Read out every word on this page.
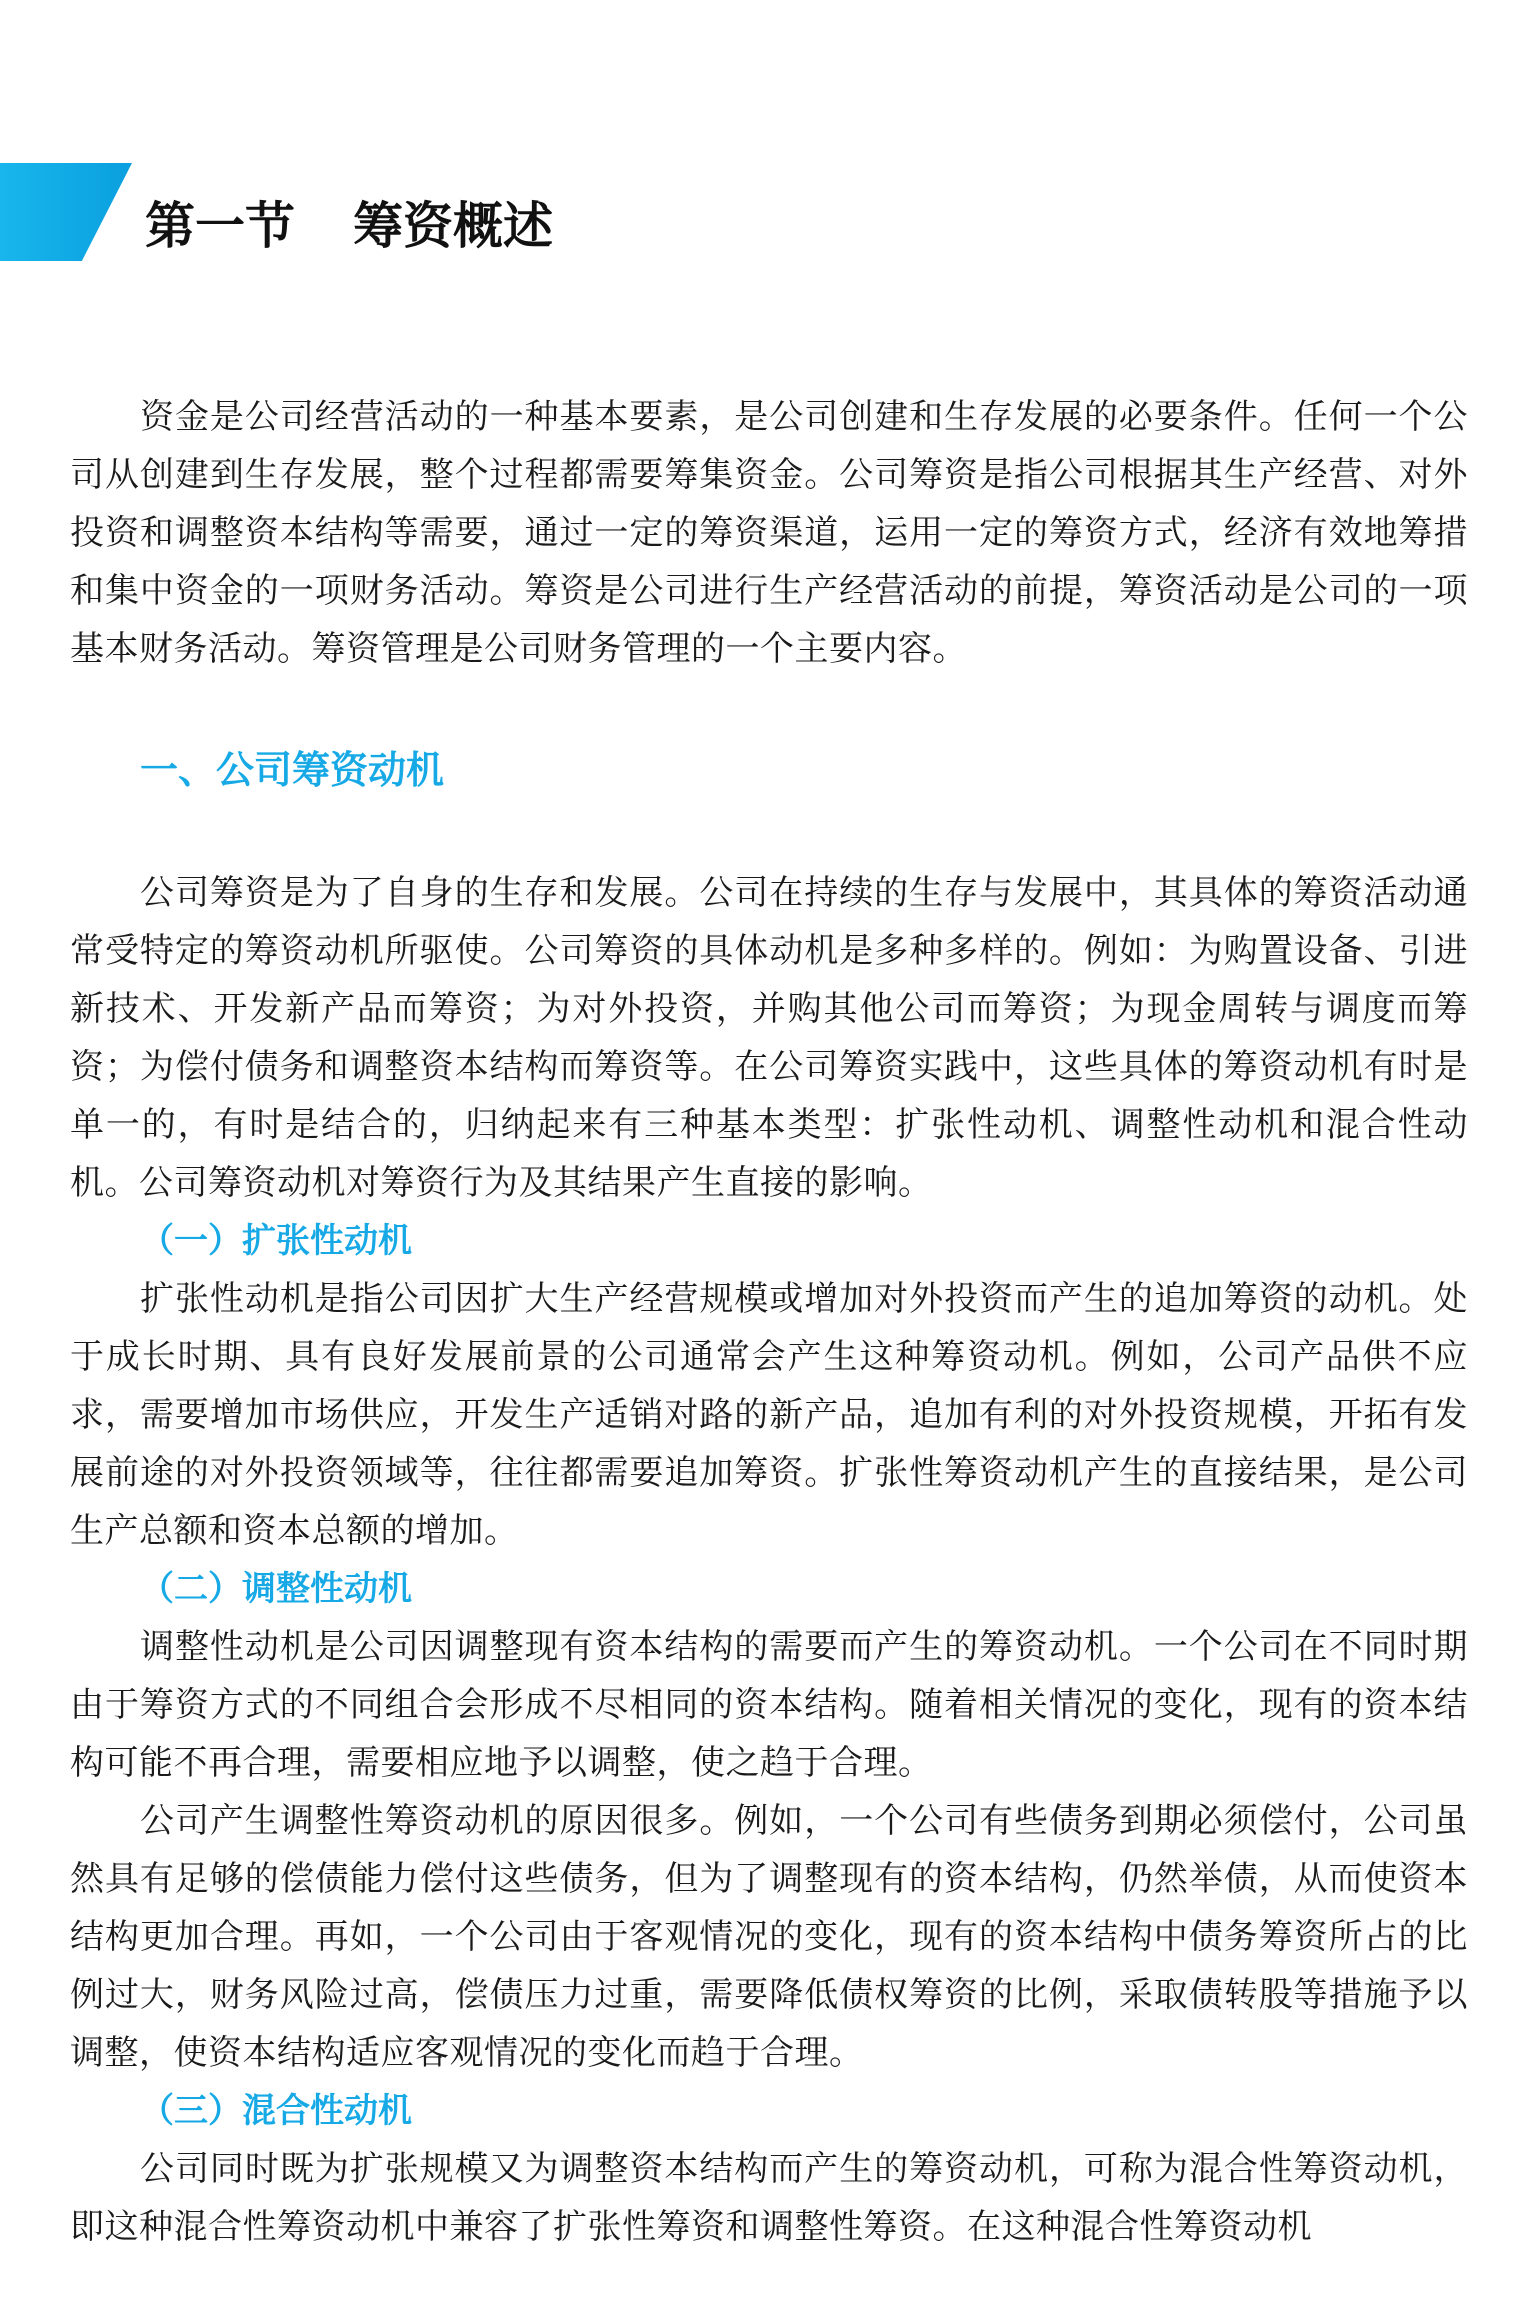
第一节 筹资概述

资金是公司经营活动的一种基本要素，是公司创建和生存发展的必要条件。任何一个公司从创建到生存发展，整个过程都需要筹集资金。公司筹资是指公司根据其生产经营、对外投资和调整资本结构等需要，通过一定的筹资渠道，运用一定的筹资方式，经济有效地筹措和集中资金的一项财务活动。筹资是公司进行生产经营活动的前提，筹资活动是公司的一项基本财务活动。筹资管理是公司财务管理的一个主要内容。

一、公司筹资动机

公司筹资是为了自身的生存和发展。公司在持续的生存与发展中，其具体的筹资活动通常受特定的筹资动机所驱使。公司筹资的具体动机是多种多样的。例如：为购置设备、引进新技术、开发新产品而筹资；为对外投资，并购其他公司而筹资；为现金周转与调度而筹资；为偿付债务和调整资本结构而筹资等。在公司筹资实践中，这些具体的筹资动机有时是单一的，有时是结合的，归纳起来有三种基本类型：扩张性动机、调整性动机和混合性动机。公司筹资动机对筹资行为及其结果产生直接的影响。

（一）扩张性动机

扩张性动机是指公司因扩大生产经营规模或增加对外投资而产生的追加筹资的动机。处于成长时期、具有良好发展前景的公司通常会产生这种筹资动机。例如，公司产品供不应求，需要增加市场供应，开发生产适销对路的新产品，追加有利的对外投资规模，开拓有发展前途的对外投资领域等，往往都需要追加筹资。扩张性筹资动机产生的直接结果，是公司生产总额和资本总额的增加。

（二）调整性动机

调整性动机是公司因调整现有资本结构的需要而产生的筹资动机。一个公司在不同时期由于筹资方式的不同组合会形成不尽相同的资本结构。随着相关情况的变化，现有的资本结构可能不再合理，需要相应地予以调整，使之趋于合理。

公司产生调整性筹资动机的原因很多。例如，一个公司有些债务到期必须偿付，公司虽然具有足够的偿债能力偿付这些债务，但为了调整现有的资本结构，仍然举债，从而使资本结构更加合理。再如，一个公司由于客观情况的变化，现有的资本结构中债务筹资所占的比例过大，财务风险过高，偿债压力过重，需要降低债权筹资的比例，采取债转股等措施予以调整，使资本结构适应客观情况的变化而趋于合理。

（三）混合性动机

公司同时既为扩张规模又为调整资本结构而产生的筹资动机，可称为混合性筹资动机，即这种混合性筹资动机中兼容了扩张性筹资和调整性筹资。在这种混合性筹资动机
